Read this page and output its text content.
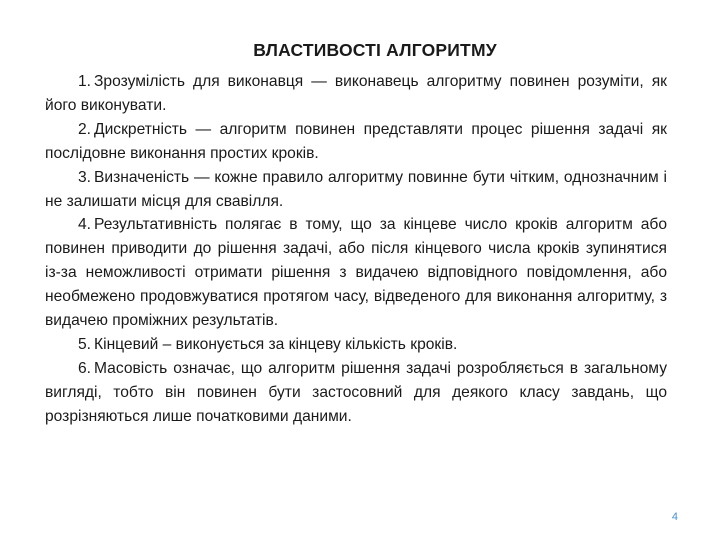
ВЛАСТИВОСТІ АЛГОРИТМУ

1. Зрозумілість для виконавця — виконавець алгоритму повинен розуміти, як його виконувати.

2. Дискретність — алгоритм повинен представляти процес рішення задачі як послідовне виконання простих кроків.

3. Визначеність — кожне правило алгоритму повинне бути чітким, однозначним і не залишати місця для свавілля.

4. Результативність полягає в тому, що за кінцеве число кроків алгоритм або повинен приводити до рішення задачі, або після кінцевого числа кроків зупинятися із-за неможливості отримати рішення з видачею відповідного повідомлення, або необмежено продовжуватися протягом часу, відведеного для виконання алгоритму, з видачею проміжних результатів.

5. Кінцевий – виконується за кінцеву кількість кроків.

6. Масовість означає, що алгоритм рішення задачі розробляється в загальному вигляді, тобто він повинен бути застосовний для деякого класу завдань, що розрізняються лише початковими даними.

4
